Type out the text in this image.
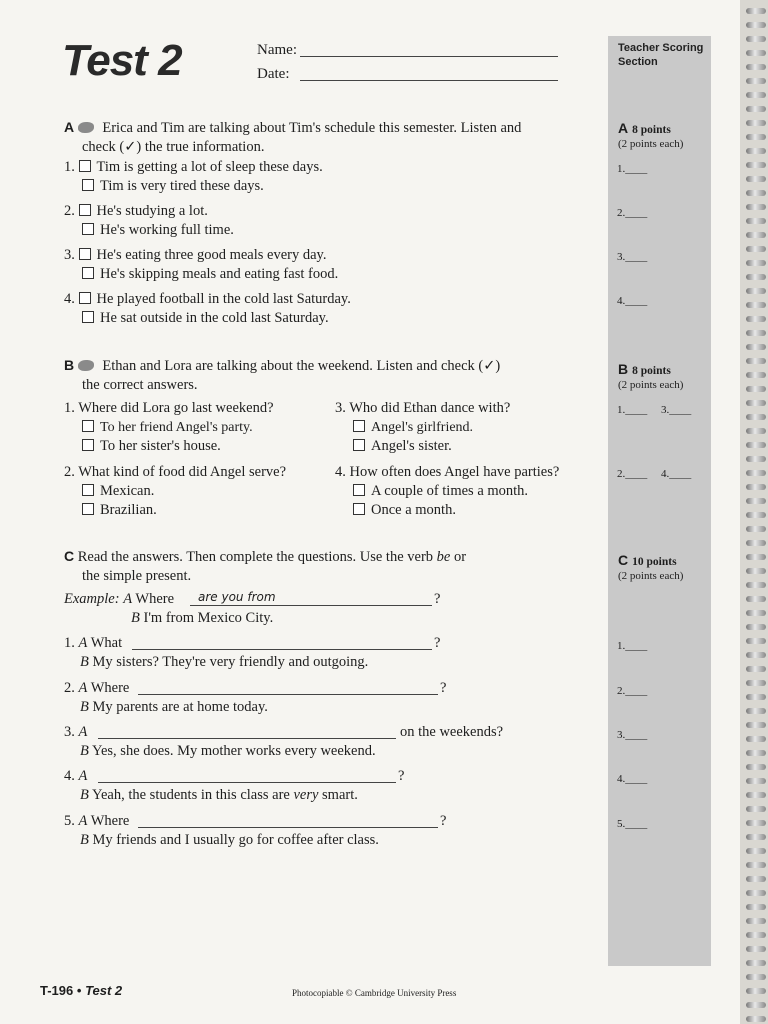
Test 2	Name:
Date:
Teacher Scoring
Section
A 8 points
(2 points each)
1.____
2.____
3.____
4.____
B 8 points
(2 points each)
1.____ 3.____
2.____ 4.____
C 10 points
(2 points each)
1.____
2.____
3.____
4.____
5.____
A Erica and Tim are talking about Tim's schedule this semester. Listen and
check (✓) the true information.
1. Tim is getting a lot of sleep these days.
Tim is very tired these days.
2. He's studying a lot.
He's working full time.
3. He's eating three good meals every day.
He's skipping meals and eating fast food.
4. He played football in the cold last Saturday.
He sat outside in the cold last Saturday.
B Ethan and Lora are talking about the weekend. Listen and check (✓)
the correct answers.
1. Where did Lora go last weekend?
To her friend Angel's party.
To her sister's house.
2. What kind of food did Angel serve?
Mexican.
Brazilian.
3. Who did Ethan dance with?
Angel's girlfriend.
Angel's sister.
4. How often does Angel have parties?
A couple of times a month.
Once a month.
C Read the answers. Then complete the questions. Use the verb be or
the simple present.
Example: A Where are you from	?
B I'm from Mexico City.
1. A What	?
B My sisters? They're very friendly and outgoing.
2. A Where	?
B My parents are at home today.
3. A	on the weekends?
B Yes, she does. My mother works every weekend.
4. A	?
B Yeah, the students in this class are very smart.
5. A Where	?
B My friends and I usually go for coffee after class.
T-196 • Test 2	Photocopiable © Cambridge University Press
